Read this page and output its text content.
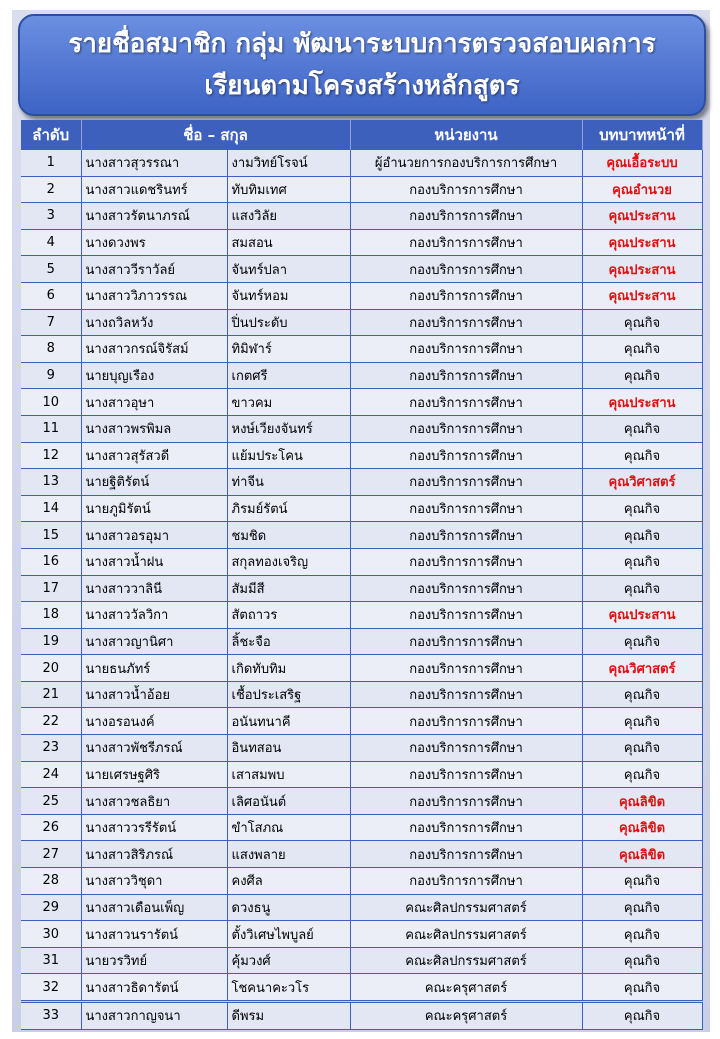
รายชื่อสมาชิก กลุ่ม พัฒนาระบบการตรวจสอบผลการ
เรียนตามโครงสร้างหลักสูตร
ลำดับ	ชื่อ – สกุล		หน่วยงาน	บทบาทหน้าที่
1	นางสาวสุวรรณา	งามวิทย์โรจน์	ผู้อำนวยการกองบริการการศึกษา	คุณเอื้อระบบ
2	นางสาวแดชรินทร์	ทับทิมเทศ	กองบริการการศึกษา	คุณอำนวย
3	นางสาวรัตนาภรณ์	แสงวิลัย	กองบริการการศึกษา	คุณประสาน
4	นางดวงพร	สมสอน	กองบริการการศึกษา	คุณประสาน
5	นางสาววีราวัลย์	จันทร์ปลา	กองบริการการศึกษา	คุณประสาน
6	นางสาววิภาวรรณ	จันทร์หอม	กองบริการการศึกษา	คุณประสาน
7	นางถวิลหวัง	ปิ่นประดับ	กองบริการการศึกษา	คุณกิจ
8	นางสาวกรณ์จิรัสม์	ทิมิฬาร์	กองบริการการศึกษา	คุณกิจ
9	นายบุญเรือง	เกตศรี	กองบริการการศึกษา	คุณกิจ
10	นางสาวอุษา	ขาวคม	กองบริการการศึกษา	คุณประสาน
11	นางสาวพรพิมล	หงษ์เวียงจันทร์	กองบริการการศึกษา	คุณกิจ
12	นางสาวสุรัสวดี	แย้มประโคน	กองบริการการศึกษา	คุณกิจ
13	นายฐิติรัตน์	ท่าจีน	กองบริการการศึกษา	คุณวิศาสตร์
14	นายภูมิรัตน์	ภิรมย์รัตน์	กองบริการการศึกษา	คุณกิจ
15	นางสาวอรอุมา	ชมชิด	กองบริการการศึกษา	คุณกิจ
16	นางสาวน้ำฝน	สกุลทองเจริญ	กองบริการการศึกษา	คุณกิจ
17	นางสาววาลินี	สัมมีสี	กองบริการการศึกษา	คุณกิจ
18	นางสาววัลวิกา	สัตถาวร	กองบริการการศึกษา	คุณประสาน
19	นางสาวญานิศา	ลิ้ชะจือ	กองบริการการศึกษา	คุณกิจ
20	นายธนภัทร์	เกิดทับทิม	กองบริการการศึกษา	คุณวิศาสตร์
21	นางสาวน้ำอ้อย	เชื้อประเสริฐ	กองบริการการศึกษา	คุณกิจ
22	นางอรอนงค์	อนันทนาคี	กองบริการการศึกษา	คุณกิจ
23	นางสาวพัชรีภรณ์	อินทสอน	กองบริการการศึกษา	คุณกิจ
24	นายเศรษฐศิริ	เสาสมพบ	กองบริการการศึกษา	คุณกิจ
25	นางสาวชลธิยา	เลิศอนันต์	กองบริการการศึกษา	คุณลิขิต
26	นางสาววรรีรัตน์	ขำโสภณ	กองบริการการศึกษา	คุณลิขิต
27	นางสาวสิริภรณ์	แสงพลาย	กองบริการการศึกษา	คุณลิขิต
28	นางสาววิชุดา	คงศีล	กองบริการการศึกษา	คุณกิจ
29	นางสาวเดือนเพ็ญ	ดวงธนู	คณะศิลปกรรมศาสตร์	คุณกิจ
30	นางสาวนรารัตน์	ตั้งวิเศษไพบูลย์	คณะศิลปกรรมศาสตร์	คุณกิจ
31	นายวรวิทย์	คุ้มวงศ์	คณะศิลปกรรมศาสตร์	คุณกิจ
32	นางสาวธิดารัตน์	โชคนาคะวโร	คณะครุศาสตร์	คุณกิจ
33	นางสาวกาญจนา	ดีพรม	คณะครุศาสตร์	คุณกิจ
